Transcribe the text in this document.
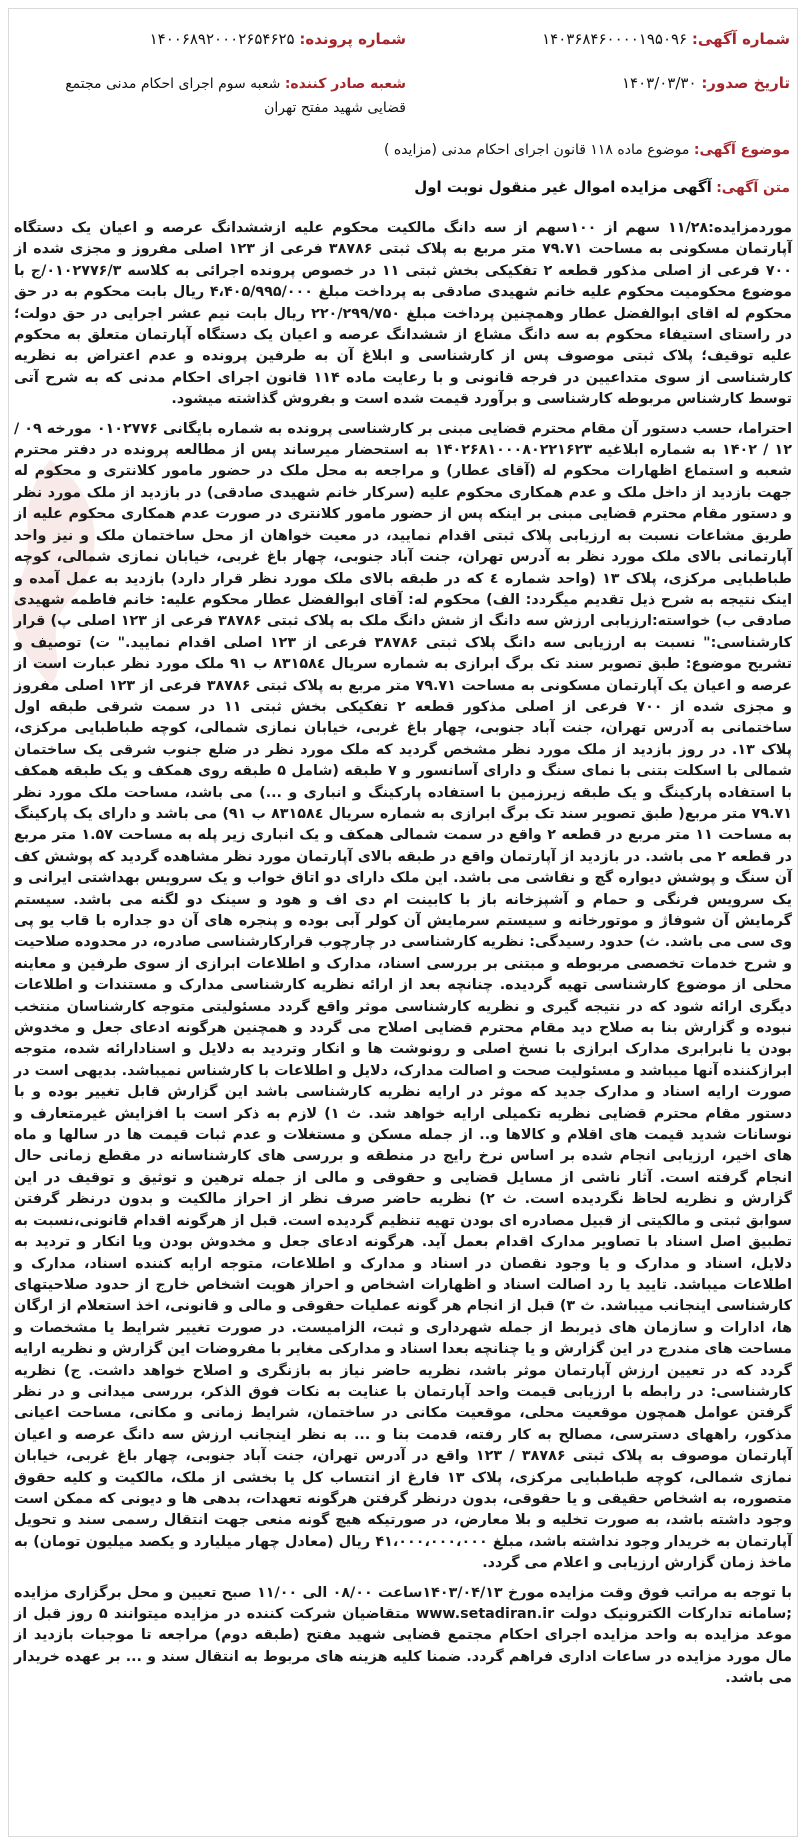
شماره آگهی: ۱۴۰۳۶۸۴۶۰۰۰۰۱۹۵۰۹۶
شماره پرونده: ۱۴۰۰۶۸۹۲۰۰۰۲۶۵۴۶۲۵
تاریخ صدور: ۱۴۰۳/۰۳/۳۰
شعبه صادر کننده: شعبه سوم اجرای احکام مدنی مجتمع قضایی شهید مفتح تهران
موضوع آگهی: موضوع ماده ۱۱۸ قانون اجرای احکام مدنی (مزایده )
متن آگهی: آگهی مزایده اموال غیر منقول نوبت اول

موردمزایده:۱۱/۲۸ سهم از ۱۰۰سهم از سه دانگ مالکیت محکوم علیه ازششدانگ عرصه و اعیان یک دستگاه آپارتمان مسکونی به مساحت ۷۹.۷۱ متر مربع به پلاک ثبتی ۳۸۷۸۶ فرعی از ۱۲۳ اصلی مفروز و مجزی شده از ۷۰۰ فرعی از اصلی مذکور قطعه ۲ تفکیکی بخش ثبتی ۱۱ در خصوص پرونده اجرائی به کلاسه ۰۱۰۲۷۷۶/۳/ج با موضوع محکومیت محکوم علیه خانم شهیدی صادقی به پرداخت مبلغ ۴،۴۰۵/۹۹۵/۰۰۰ ریال بابت محکوم به در حق محکوم له اقای ابوالفضل عطار وهمچنین پرداخت مبلغ ۲۲۰/۲۹۹/۷۵۰ ریال بابت نیم عشر اجرایی در حق دولت؛ در راستای استیفاء محکوم به سه دانگ مشاع از ششدانگ عرصه و اعیان یک دستگاه آپارتمان متعلق به محکوم علیه توقیف؛ پلاک ثبتی موصوف پس از کارشناسی و ابلاغ آن به طرفین پرونده و عدم اعتراض به نظریه کارشناسی از سوی متداعیین در فرجه قانونی و با رعایت ماده ۱۱۴ قانون اجرای احکام مدنی که به شرح آتی توسط کارشناس مربوطه کارشناسی و برآورد قیمت شده است و بفروش گذاشته میشود.

احتراما، حسب دستور آن مقام محترم قضایی مبنی بر کارشناسی پرونده به شماره بایگانی ۰۱۰۲۷۷۶ مورخه ۰۹ / ۱۲ / ۱۴۰۲ به شماره ابلاغیه ۱۴۰۲۶۸۱۰۰۰۸۰۲۲۱۶۲۳ به استحضار میرساند پس از مطالعه پرونده در دفتر محترم شعبه و استماع اظهارات محکوم له (آقای عطار) و مراجعه به محل ملک در حضور مامور کلانتری و محکوم له جهت بازدید از داخل ملک و عدم همکاری محکوم علیه (سرکار خانم شهیدی صادقی) در بازدید از ملک مورد نظر و دستور مقام محترم قضایی مبنی بر اینکه پس از حضور مامور کلانتری در صورت عدم همکاری محکوم علیه از طریق مشاعات نسبت به ارزیابی پلاک ثبتی اقدام نمایید، در معیت خواهان از محل ساختمان ملک و نیز واحد آپارتمانی بالای ملک مورد نظر به آدرس تهران، جنت آباد جنوبی، چهار باغ غربی، خیابان نمازی شمالی، کوچه طباطبایی مرکزی، پلاک ۱۳ (واحد شماره ٤ که در طبقه بالای ملک مورد نظر قرار دارد) بازدید به عمل آمده و اینک نتیجه به شرح ذیل تقدیم میگردد: الف) محکوم له: آقای ابوالفضل عطار محکوم علیه: خانم فاطمه شهیدی صادقی ب) خواسته:ارزیابی ارزش سه دانگ از شش دانگ ملک به پلاک ثبتی ۳۸۷۸۶ فرعی از ۱۲۳ اصلی پ) قرار کارشناسی:" نسبت به ارزیابی سه دانگ پلاک ثبتی ۳۸۷۸۶ فرعی از ۱۲۳ اصلی اقدام نمایید." ت) توصیف و تشریح موضوع: طبق تصویر سند تک برگ ابرازی به شماره سریال ۸۳۱۵۸٤ ب ۹۱ ملک مورد نظر عبارت است از عرصه و اعیان یک آپارتمان مسکونی به مساحت ۷۹.۷۱ متر مربع به پلاک ثبتی ۳۸۷۸۶ فرعی از ۱۲۳ اصلی مفروز و مجزی شده از ۷۰۰ فرعی از اصلی مذکور قطعه ۲ تفکیکی بخش ثبتی ۱۱ در سمت شرقی طبقه اول ساختمانی به آدرس تهران، جنت آباد جنوبی، چهار باغ غربی، خیابان نمازی شمالی، کوچه طباطبایی مرکزی، پلاک ۱۳. در روز بازدید از ملک مورد نظر مشخص گردید که ملک مورد نظر در ضلع جنوب شرقی یک ساختمان شمالی با اسکلت بتنی با نمای سنگ و دارای آسانسور و ۷ طبقه (شامل ۵ طبقه روی همکف و یک طبقه همکف با استفاده پارکینگ و یک طبقه زیرزمین با استفاده پارکینگ و انباری و ...) می باشد، مساحت ملک مورد نظر ۷۹.۷۱ متر مربع( طبق تصویر سند تک برگ ابرازی به شماره سریال ۸۳۱۵۸٤ ب ۹۱) می باشد و دارای یک پارکینگ به مساحت ۱۱ متر مربع در قطعه ۲ واقع در سمت شمالی همکف و یک انباری زیر پله به مساحت ۱.۵۷ متر مربع در قطعه ۲ می باشد. در بازدید از آپارتمان واقع در طبقه بالای آپارتمان مورد نظر مشاهده گردید که پوشش کف آن سنگ و پوشش دیواره گچ و نقاشی می باشد. این ملک دارای دو اتاق خواب و یک سرویس بهداشتی ایرانی و یک سرویس فرنگی و حمام و آشپزخانه باز با کابینت ام دی اف و هود و سینک دو لگنه می باشد. سیستم گرمایش آن شوفاژ و موتورخانه و سیستم سرمایش آن کولر آبی بوده و پنجره های آن دو جداره با قاب یو پی وی سی می باشد. ث) حدود رسیدگی: نظریه کارشناسی در چارچوب قرارکارشناسی صادره، در محدوده صلاحیت و شرح خدمات تخصصی مربوطه و مبتنی بر بررسی اسناد، مدارک و اطلاعات ابرازی از سوی طرفین و معاینه محلی از موضوع کارشناسی تهیه گردیده. چنانچه بعد از ارائه نظریه کارشناسی مدارک و مستندات و اطلاعات دیگری ارائه شود که در نتیجه گیری و نظریه کارشناسی موثر واقع گردد مسئولیتی متوجه کارشناسان منتخب نبوده و گزارش بنا به صلاح دید مقام محترم قضایی اصلاح می گردد و همچنین هرگونه ادعای جعل و مخدوش بودن یا نابرابری مدارک ابرازی با نسخ اصلی و رونوشت ها و انکار وتردید به دلایل و اسنادارائه شده، متوجه ابرازکننده آنها میباشد و مسئولیت صحت و اصالت مدارک، دلایل و اطلاعات با کارشناس نمیباشد. بدیهی است در صورت ارایه اسناد و مدارک جدید که موثر در ارایه نظریه کارشناسی باشد این گزارش قابل تغییر بوده و با دستور مقام محترم قضایی نظریه تکمیلی ارایه خواهد شد. ث ۱) لازم به ذکر است با افزایش غیرمتعارف و نوسانات شدید قیمت های اقلام و کالاها و.. از جمله مسکن و مستغلات و عدم ثبات قیمت ها در سالها و ماه های اخیر، ارزیابی انجام شده بر اساس نرخ رایج در منطقه و بررسی های کارشناسانه در مقطع زمانی حال انجام گرفته است. آثار ناشی از مسایل قضایی و حقوقی و مالی از جمله ترهین و توثیق و توقیف در این گزارش و نظریه لحاظ نگردیده است. ث ۲) نظریه حاضر صرف نظر از احراز مالکیت و بدون درنظر گرفتن سوابق ثبتی و مالکیتی از قبیل مصادره ای بودن تهیه تنظیم گردیده است. قبل از هرگونه اقدام قانونی،نسبت به تطبیق اصل اسناد با تصاویر مدارک اقدام بعمل آید. هرگونه ادعای جعل و مخدوش بودن ویا انکار و تردید به دلایل، اسناد و مدارک و یا وجود نقصان در اسناد و مدارک و اطلاعات، متوجه ارایه کننده اسناد، مدارک و اطلاعات میباشد. تایید یا رد اصالت اسناد و اظهارات اشخاص و احراز هویت اشخاص خارج از حدود صلاحیتهای کارشناسی اینجانب میباشد. ث ۳) قبل از انجام هر گونه عملیات حقوقی و مالی و قانونی، اخذ استعلام از ارگان ها، ادارات و سازمان های ذیربط از جمله شهرداری و ثبت، الزامیست. در صورت تغییر شرایط یا مشخصات و مساحت های مندرج در این گزارش و یا چنانچه بعدا اسناد و مدارکی مغایر با مفروضات این گزارش و نظریه ارایه گردد که در تعیین ارزش آپارتمان موثر باشد، نظریه حاضر نیاز به بازنگری و اصلاح خواهد داشت. ج) نظریه کارشناسی: در رابطه با ارزیابی قیمت واحد آپارتمان با عنایت به نکات فوق الذکر، بررسی میدانی و در نظر گرفتن عوامل همچون موقعیت محلی، موقعیت مکانی در ساختمان، شرایط زمانی و مکانی، مساحت اعیانی مذکور، راههای دسترسی، مصالح به کار رفته، قدمت بنا و ... به نظر اینجانب ارزش سه دانگ عرصه و اعیان آپارتمان موصوف به پلاک ثبتی ۳۸۷۸۶ / ۱۲۳ واقع در آدرس تهران، جنت آباد جنوبی، چهار باغ غربی، خیابان نمازی شمالی، کوچه طباطبایی مرکزی، پلاک ۱۳ فارغ از انتساب کل یا بخشی از ملک، مالکیت و کلیه حقوق متصوره، به اشخاص حقیقی و یا حقوقی، بدون درنظر گرفتن هرگونه تعهدات، بدهی ها و دیونی که ممکن است وجود داشته باشد، به صورت تخلیه و بلا معارض، در صورتیکه هیچ گونه منعی جهت انتقال رسمی سند و تحویل آپارتمان به خریدار وجود نداشته باشد، مبلغ ۴۱،۰۰۰،۰۰۰،۰۰۰ ریال (معادل چهار میلیارد و یکصد میلیون تومان) به ماخذ زمان گزارش ارزیابی و اعلام می گردد.

با توجه به مراتب فوق وقت مزایده مورخ ۱۴۰۳/۰۴/۱۳ساعت ۰۸/۰۰ الی ۱۱/۰۰ صبح تعیین و محل برگزاری مزایده ;سامانه تدارکات الکترونیک دولت www.setadiran.ir متقاضیان شرکت کننده در مزایده میتوانند ۵ روز قبل از موعد مزایده به واحد مزایده اجرای احکام مجتمع قضایی شهید مفتح (طبقه دوم) مراجعه تا موجبات بازدید از مال مورد مزایده در ساعات اداری فراهم گردد. ضمنا کلیه هزینه های مربوط به انتقال سند و ... بر عهده خریدار می باشد.
